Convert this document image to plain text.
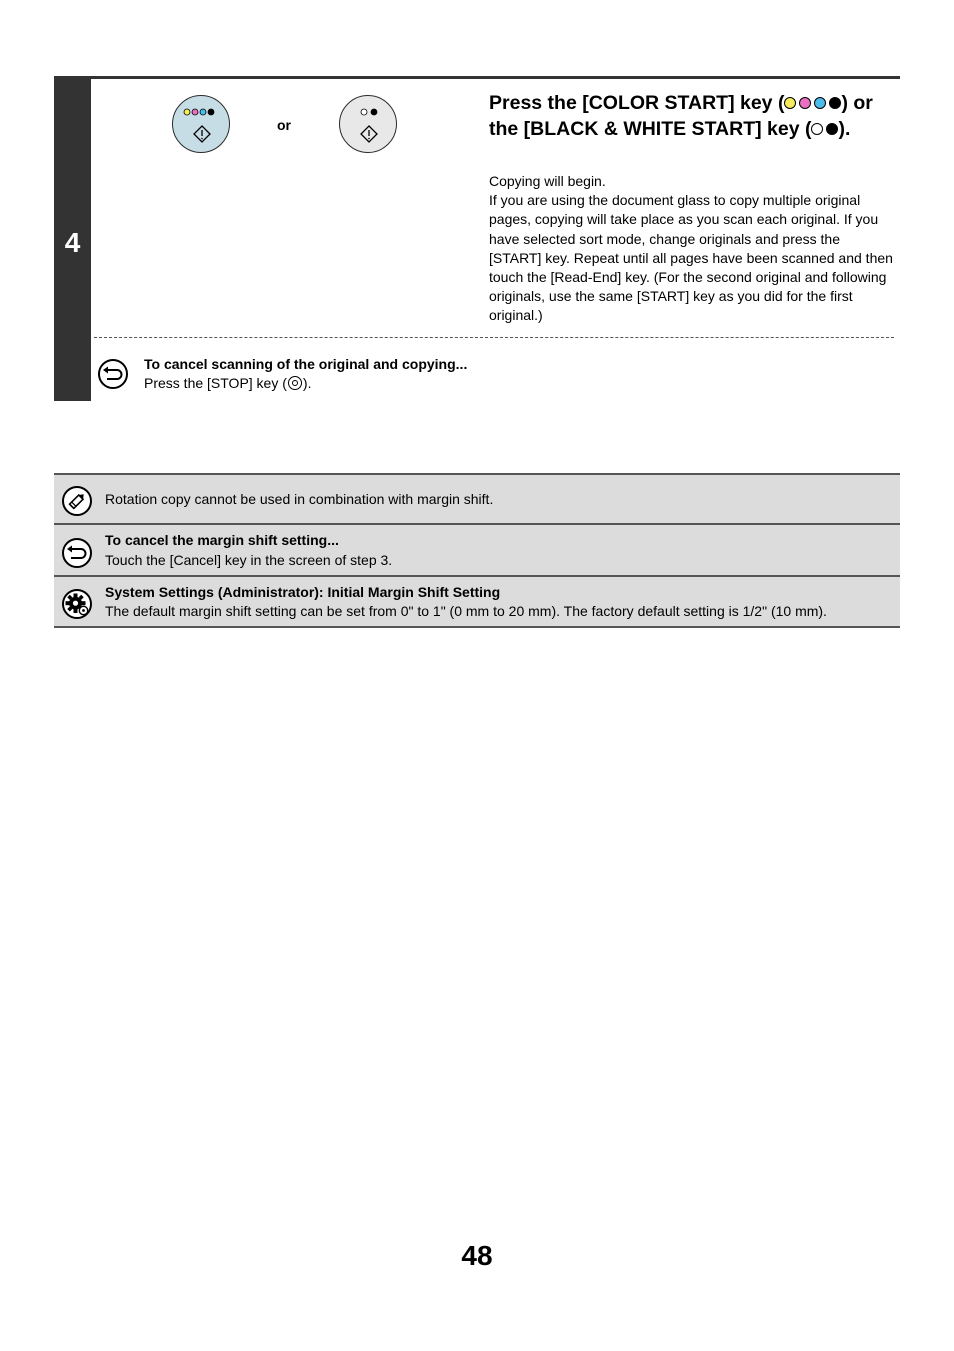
4
or
Press the [COLOR START] key (	) or the [BLACK & WHITE START] key ( ).

Copying will begin.

If you are using the document glass to copy multiple original pages, copying will take place as you scan each original. If you have selected sort mode, change originals and press the [START] key. Repeat until all pages have been scanned and then touch the [Read-End] key. (For the second original and following originals, use the same [START] key as you did for the first original.)

To cancel scanning of the original and copying...
Press the [STOP] key ( ).
Rotation copy cannot be used in combination with margin shift.
To cancel the margin shift setting...
Touch the [Cancel] key in the screen of step 3.
System Settings (Administrator): Initial Margin Shift Setting
The default margin shift setting can be set from 0" to 1" (0 mm to 20 mm). The factory default setting is 1/2" (10 mm).
48
